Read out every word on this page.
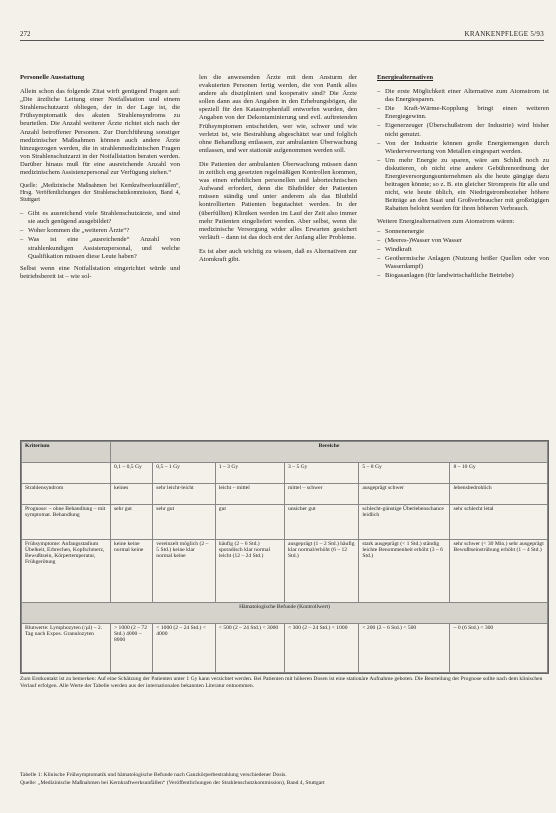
272	KRANKENPFLEGE 5/93

Personelle Ausstattung

Allein schon das folgende Zitat wirft genügend Fragen auf: „Die ärztliche Leitung einer Notfallstation und einem Strahlenschutzarzt obliegen, der in der Lage ist, die Frühsymptomatik des akuten Strahlensyndroms zu beurteilen. Die Anzahl weiterer Ärzte richtet sich nach der Anzahl betroffener Personen. Zur Durchführung sonstiger medizinischer Maßnahmen können auch andere Ärzte hinzugezogen werden, die in strahlenmedizinischen Fragen von Strahlenschutzarzt in der Notfallstation beraten werden. Darüber hinaus muß für eine ausreichende Anzahl von medizinischem Assistenzpersonal zur Verfügung stehen.“

Quelle: „Medizinische Maßnahmen bei Kernkraftwerksunfällen“, Hrsg. Veröffentlichungen der Strahlenschutzkommission, Band 4, Stuttgart

– Gibt es ausreichend viele Strahlenschutzärzte, und sind sie auch genügend ausgebildet?
– Woher kommen die „weiteren Ärzte“?
– Was ist eine „ausreichende“ Anzahl von strahlenkundigen Assistenzpersonal, und welche Qualifikation müssen diese Leute haben?

Selbst wenn eine Notfallstation eingerichtet würde und betriebsbereit ist – wie sol-

len die anwesenden Ärzte mit dem Ansturm der evakuierten Personen fertig werden, die von Panik alles andere als diszipliniert und kooperativ sind? Die Ärzte sollen dann aus den Angaben in den Erhebungsbögen, die speziell für den Katastrophenfall entworfen wurden, den Angaben von der Dekontaminierung und evtl. auftretenden Frühsymptomen entscheiden, wer wie, schwer und wie verletzt ist, wie Bestrahlung abgeschätzt war und folglich ohne Behandlung entlassen, zur ambulanten Überwachung entlassen, und wer stationär aufgenommen werden soll.

Die Patienten der ambulanten Überwachung müssen dann in zeitlich eng gesetzten regelmäßigen Kontrollen kommen, was einen erheblichen personellen und labortechnischen Aufwand erfordert, denn die Blutbilder der Patienten müssen ständig und unter anderem als das Blutbild kontrollierten Patienten begutachtet werden. In der (überfüllten) Kliniken werden im Lauf der Zeit also immer mehr Patienten eingeliefert werden. Aber selbst, wenn die medizinische Versorgung wider alles Erwarten gesichert verläuft – dann ist das doch erst der Anfang aller Probleme.

Es ist aber auch wichtig zu wissen, daß es Alternativen zur Atomkraft gibt.

Energiealternativen

– Die erste Möglichkeit einer Alternative zum Atomstrom ist das Energiesparen.
– Die Kraft-Wärme-Kopplung bringt einen weiteren Energiegewinn.
– Eigenerzeuger (Überschußstrom der Industrie) wird bisher nicht genutzt.
– Von der Industrie können große Energiemengen durch Wiederverwertung von Metallen eingespart werden.
– Um mehr Energie zu sparen, wäre am Schluß noch zu diskutieren, ob nicht eine andere Gebührenordnung der Energieversorgungsunternehmen als die heute gängige dazu beitragen könnte; so z. B. ein gleicher Strompreis für alle und nicht, wie heute üblich, ein Niedrigstrombezieher höhere Beiträge an den Staat und Großverbraucher mit großzügigen Rabatten belohnt werden für ihren höheren Verbrauch.

Weitere Energiealternativen zum Atomstrom wären:

– Sonnenenergie
– (Meeres-)Wasser von Wasser
– Windkraft
– Geothermische Anlagen (Nutzung heißer Quellen oder von Wasserdampf)
– Biogasanlagen (für landwirtschaftliche Betriebe)
Kriterium	Bereiche					
	0,1 – 0,5 Gy	0,5 – 1 Gy	1 – 3 Gy	3 – 5 Gy	5 – 8 Gy	8 – 10 Gy
Strahlensyndrom	keines	sehr leicht-leicht	leicht – mittel	mittel – schwer	ausgeprägt schwer	lebensbedrohlich
Prognose: – ohne Behandlung – mit symptomat. Behandlung	sehr gut	sehr gut	gut	unsicher gut	schlecht-günstige Überlebenschance leidlich	sehr schlecht letal
Frühsymptome: Anfangsstadium Übelkeit, Erbrechen, Kopfschmerz, Bewußtsein, Körpertemperatur, Frühgerötung	keine keine normal keine	vereinzelt möglich (2 – 5 Std.) keine klar normal keine	häufig (2 – 6 Std.) sporadisch klar normal leicht (12 – 24 Std.)	ausgeprägt (1 – 2 Std.) häufig klar normal/erhöht (6 – 12 Std.)	stark ausgeprägt (< 1 Std.) ständig leichte Benommenheit erhöht (3 – 6 Std.)	sehr schwer (< 30 Min.) sehr ausgeprägt Bewußtseinstrübung erhöht (1 – 4 Std.)
Hämatologische Befunde (Kontrollwert)						
Blutwerte: Lymphozyten (/µl) – 2. Tag nach Expos. Granulozyten	> 1000 (2 – 72 Std.) 4000 – 8000	< 1000 (2 – 24 Std.) < 4000	< 500 (2 – 24 Std.) < 3000	< 300 (2 – 24 Std.) < 1000	< 200 (2 – 6 Std.) < 500	~ 0 (6 Std.) < 300
Zum Erstkontakt ist zu bemerken: Auf eine Schätzung der Patienten unter 1 Gy kann verzichtet werden. Bei Patienten mit höheren Dosen ist eine stationäre Aufnahme geboten. Die Beurteilung der Prognose sollte nach dem klinischen Verlauf erfolgen. Alle Werte der Tabelle werden aus der internationalen bekannten Literatur entnommen.
Tabelle 1: Klinische Frühsymptomatik und hämatologische Befunde nach Ganzkörperbestrahlung verschiedener Dosis.
Quelle: „Medizinische Maßnahmen bei Kernkraftwerksunfällen“ (Veröffentlichungen der Strahlenschutzkommission), Band 4, Stuttgart
